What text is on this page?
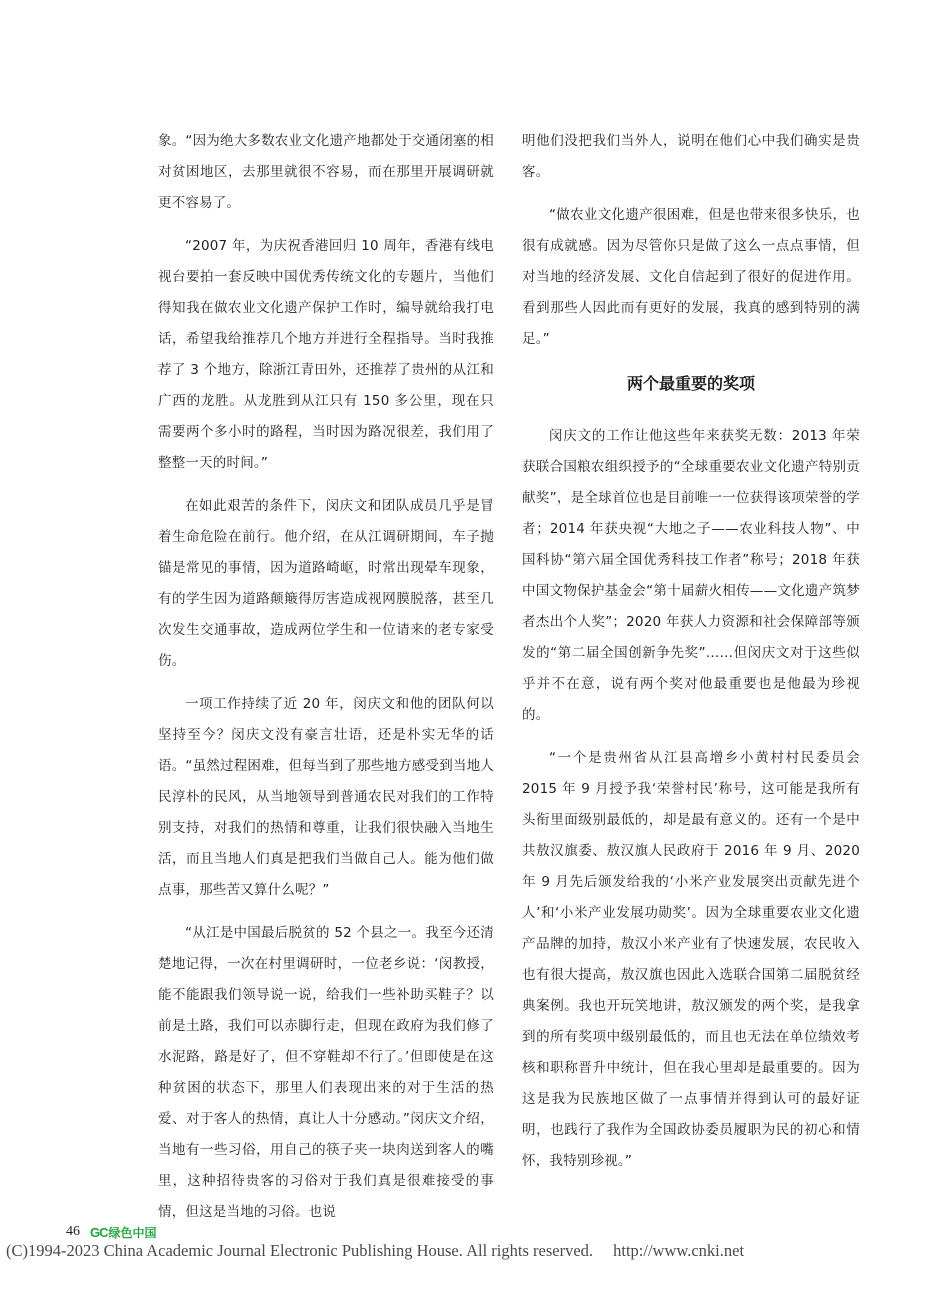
象。“因为绝大多数农业文化遗产地都处于交通闭塞的相对贫困地区，去那里就很不容易，而在那里开展调研就更不容易了。

“2007 年，为庆祝香港回归 10 周年，香港有线电视台要拍一套反映中国优秀传统文化的专题片，当他们得知我在做农业文化遗产保护工作时，编导就给我打电话，希望我给推荐几个地方并进行全程指导。当时我推荐了 3 个地方，除浙江青田外，还推荐了贵州的从江和广西的龙胜。从龙胜到从江只有 150 多公里，现在只需要两个多小时的路程，当时因为路况很差，我们用了整整一天的时间。”

在如此艰苦的条件下，闵庆文和团队成员几乎是冒着生命危险在前行。他介绍，在从江调研期间，车子抛锚是常见的事情，因为道路崎岖，时常出现晕车现象，有的学生因为道路颠簸得厉害造成视网膜脱落，甚至几次发生交通事故，造成两位学生和一位请来的老专家受伤。

一项工作持续了近 20 年，闵庆文和他的团队何以坚持至今？闵庆文没有豪言壮语，还是朴实无华的话语。“虽然过程困难，但每当到了那些地方感受到当地人民淳朴的民风，从当地领导到普通农民对我们的工作特别支持，对我们的热情和尊重，让我们很快融入当地生活，而且当地人们真是把我们当做自己人。能为他们做点事，那些苦又算什么呢？”

“从江是中国最后脱贫的 52 个县之一。我至今还清楚地记得，一次在村里调研时，一位老乡说：‘闵教授，能不能跟我们领导说一说，给我们一些补助买鞋子？以前是土路，我们可以赤脚行走，但现在政府为我们修了水泥路，路是好了，但不穿鞋却不行了。’但即使是在这种贫困的状态下，那里人们表现出来的对于生活的热爱、对于客人的热情，真让人十分感动。”闵庆文介绍，当地有一些习俗，用自己的筷子夹一块肉送到客人的嘴里，这种招待贵客的习俗对于我们真是很难接受的事情，但这是当地的习俗。也说

明他们没把我们当外人，说明在他们心中我们确实是贵客。

“做农业文化遗产很困难，但是也带来很多快乐，也很有成就感。因为尽管你只是做了这么一点点事情，但对当地的经济发展、文化自信起到了很好的促进作用。看到那些人因此而有更好的发展，我真的感到特别的满足。”

两个最重要的奖项

闵庆文的工作让他这些年来获奖无数：2013 年荣获联合国粮农组织授予的“全球重要农业文化遗产特别贡献奖”，是全球首位也是目前唯一一位获得该项荣誉的学者；2014 年获央视“大地之子——农业科技人物”、中国科协“第六届全国优秀科技工作者”称号；2018 年获中国文物保护基金会“第十届薪火相传——文化遗产筑梦者杰出个人奖”；2020 年获人力资源和社会保障部等颁发的“第二届全国创新争先奖”……但闵庆文对于这些似乎并不在意，说有两个奖对他最重要也是他最为珍视的。

“一个是贵州省从江县高增乡小黄村村民委员会 2015 年 9 月授予我‘荣誉村民’称号，这可能是我所有头衔里面级别最低的，却是最有意义的。还有一个是中共敖汉旗委、敖汉旗人民政府于 2016 年 9 月、2020 年 9 月先后颁发给我的‘小米产业发展突出贡献先进个人’和‘小米产业发展功勋奖’。因为全球重要农业文化遗产品牌的加持，敖汉小米产业有了快速发展，农民收入也有很大提高，敖汉旗也因此入选联合国第二届脱贫经典案例。我也开玩笑地讲，敖汉颁发的两个奖，是我拿到的所有奖项中级别最低的，而且也无法在单位绩效考核和职称晋升中统计，但在我心里却是最重要的。因为这是我为民族地区做了一点事情并得到认可的最好证明，也践行了我作为全国政协委员履职为民的初心和情怀，我特别珍视。”

46 GC 绿色中国
(C)1994-2023 China Academic Journal Electronic Publishing House. All rights reserved. http://www.cnki.net
